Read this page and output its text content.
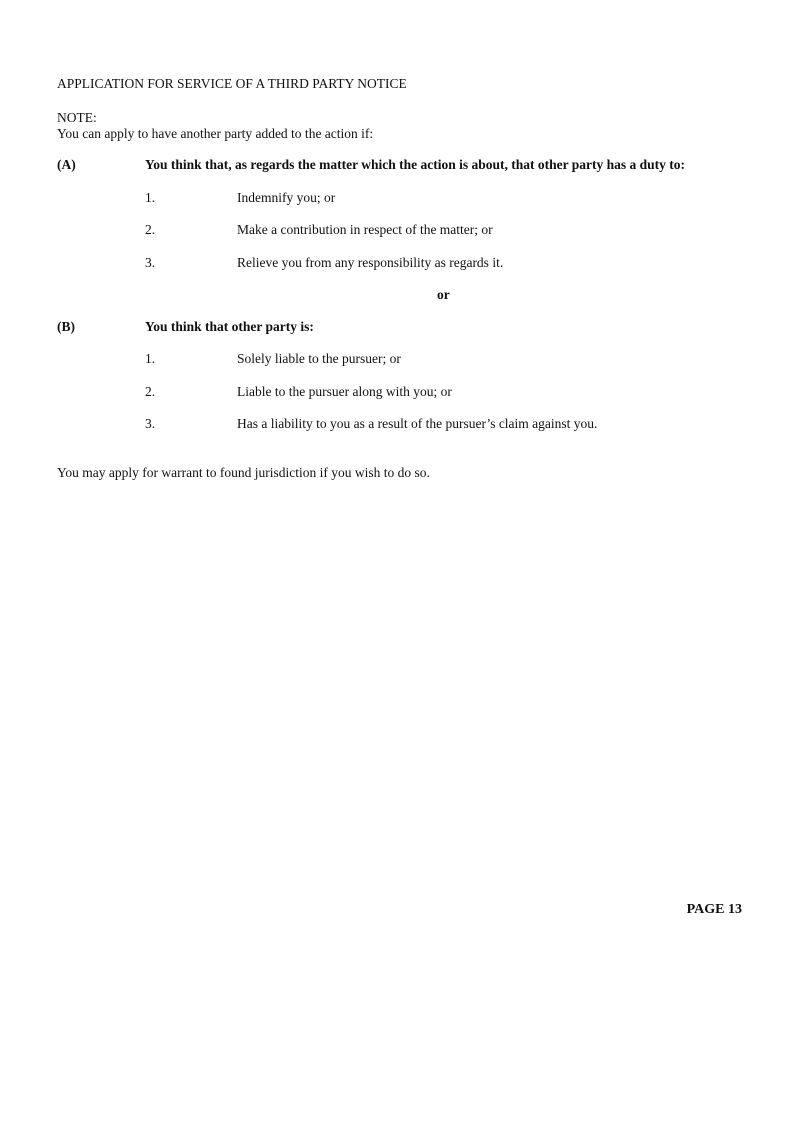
APPLICATION FOR SERVICE OF A THIRD PARTY NOTICE
NOTE:
You can apply to have another party added to the action if:
(A)	You think that, as regards the matter which the action is about, that other party has a duty to:
1.	Indemnify you; or
2.	Make a contribution in respect of the matter; or
3.	Relieve you from any responsibility as regards it.
or
(B)	You think that other party is:
1.	Solely liable to the pursuer; or
2.	Liable to the pursuer along with you; or
3.	Has a liability to you as a result of the pursuer’s claim against you.
You may apply for warrant to found jurisdiction if you wish to do so.
PAGE 13
